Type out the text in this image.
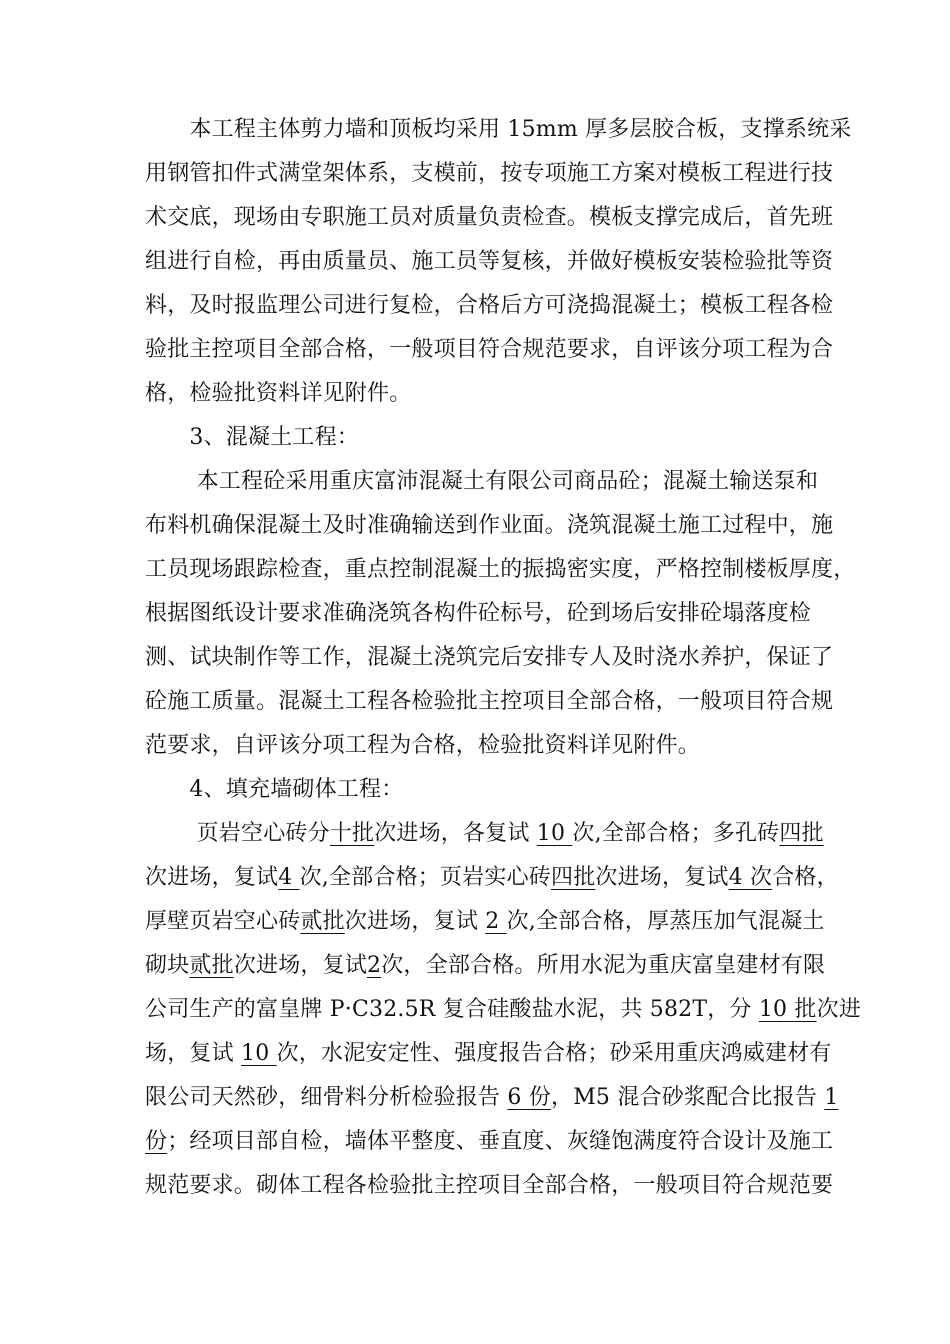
　　本工程主体剪力墙和顶板均采用 15mm 厚多层胶合板，支撑系统采
用钢管扣件式满堂架体系，支模前，按专项施工方案对模板工程进行技
术交底，现场由专职施工员对质量负责检查。模板支撑完成后，首先班
组进行自检，再由质量员、施工员等复核，并做好模板安装检验批等资
料，及时报监理公司进行复检，合格后方可浇捣混凝土；模板工程各检
验批主控项目全部合格，一般项目符合规范要求，自评该分项工程为合
格，检验批资料详见附件。
　　3、混凝土工程：
　　 本工程砼采用重庆富沛混凝土有限公司商品砼；混凝土输送泵和
布料机确保混凝土及时准确输送到作业面。浇筑混凝土施工过程中，施
工员现场跟踪检查，重点控制混凝土的振捣密实度，严格控制楼板厚度，
根据图纸设计要求准确浇筑各构件砼标号，砼到场后安排砼塌落度检
测、试块制作等工作，混凝土浇筑完后安排专人及时浇水养护，保证了
砼施工质量。混凝土工程各检验批主控项目全部合格，一般项目符合规
范要求，自评该分项工程为合格，检验批资料详见附件。
　　4、填充墙砌体工程：
　　 页岩空心砖分十批次进场，各复试 10 次,全部合格；多孔砖四批
次进场，复试4 次,全部合格；页岩实心砖四批次进场，复试4 次合格，
厚壁页岩空心砖贰批次进场，复试 2 次,全部合格，厚蒸压加气混凝土
砌块贰批次进场，复试2次，全部合格。所用水泥为重庆富皇建材有限
公司生产的富皇牌 P·C32.5R 复合硅酸盐水泥，共 582T，分 10 批次进
场，复试 10 次，水泥安定性、强度报告合格；砂采用重庆鸿威建材有
限公司天然砂，细骨料分析检验报告 6 份，M5 混合砂浆配合比报告 1
份；经项目部自检，墙体平整度、垂直度、灰缝饱满度符合设计及施工
规范要求。砌体工程各检验批主控项目全部合格，一般项目符合规范要
